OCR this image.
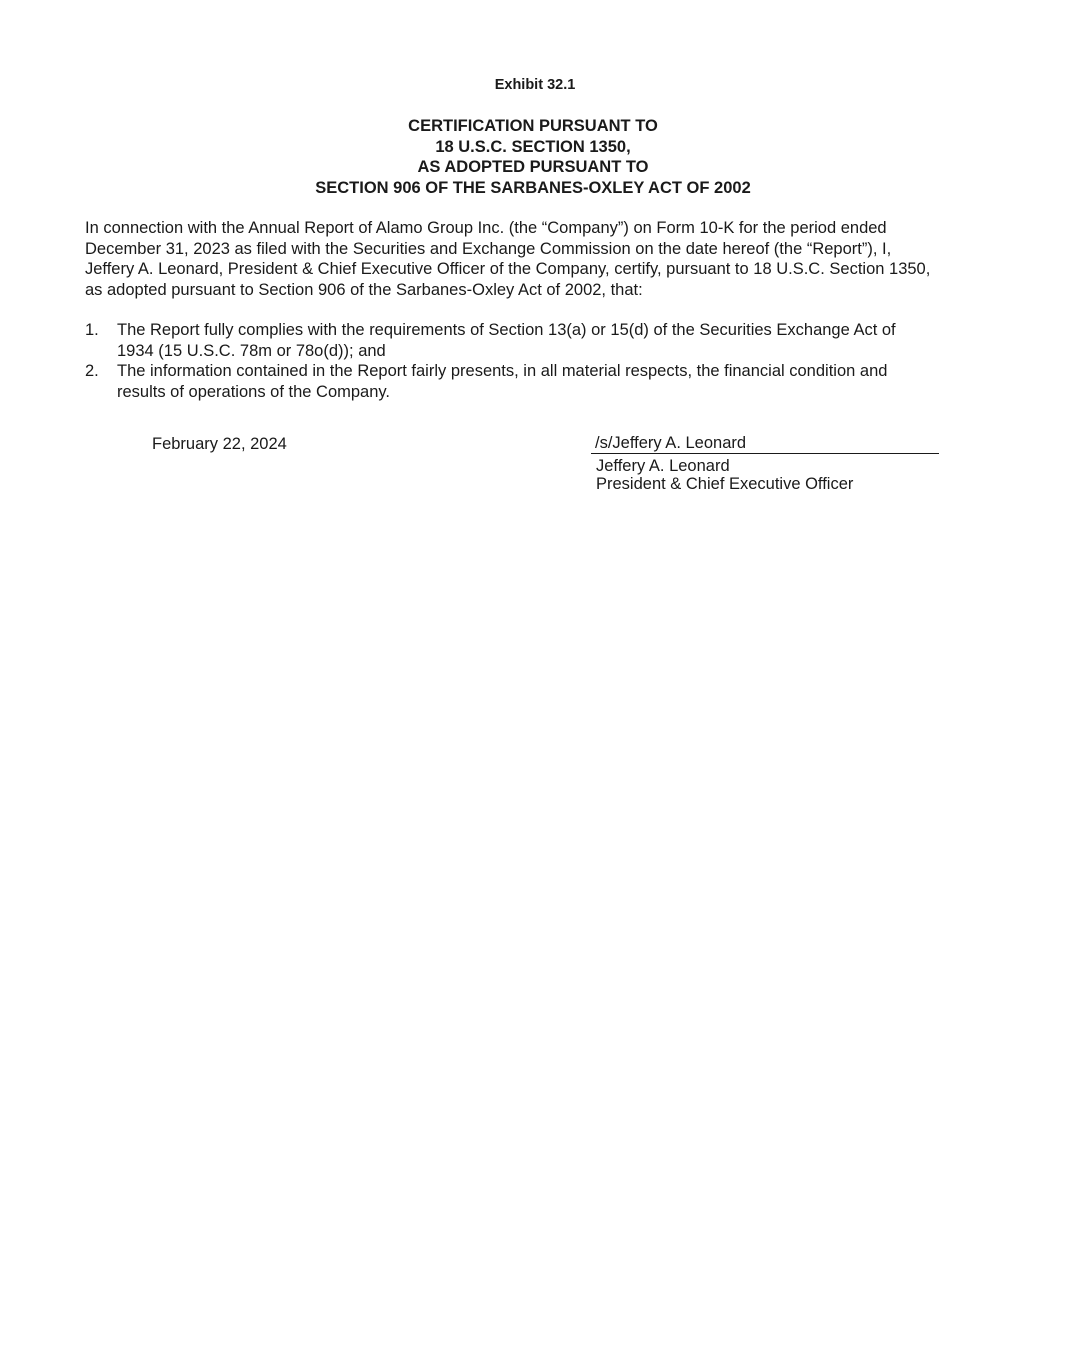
Exhibit 32.1
CERTIFICATION PURSUANT TO
18 U.S.C. SECTION 1350,
AS ADOPTED PURSUANT TO
SECTION 906 OF THE SARBANES-OXLEY ACT OF 2002
In connection with the Annual Report of Alamo Group Inc. (the “Company”) on Form 10-K for the period ended
December 31, 2023 as filed with the Securities and Exchange Commission on the date hereof (the “Report”), I,
Jeffery A. Leonard, President & Chief Executive Officer of the Company, certify, pursuant to 18 U.S.C. Section 1350,
as adopted pursuant to Section 906 of the Sarbanes-Oxley Act of 2002, that:
1. The Report fully complies with the requirements of Section 13(a) or 15(d) of the Securities Exchange Act of
1934 (15 U.S.C. 78m or 78o(d)); and
2. The information contained in the Report fairly presents, in all material respects, the financial condition and
results of operations of the Company.
February 22, 2024	/s/Jeffery A. Leonard
Jeffery A. Leonard
President & Chief Executive Officer
